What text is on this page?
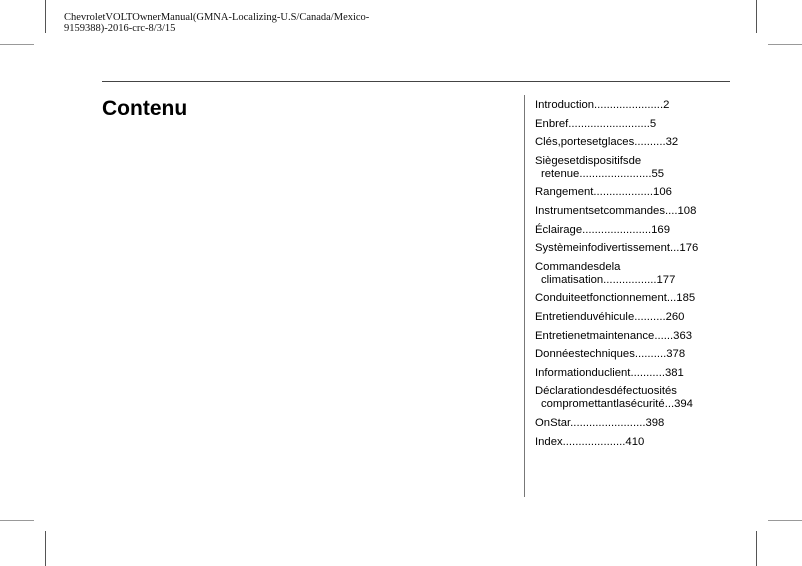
ChevroletVOLTOwnerManual(GMNA-Localizing-U.S/Canada/Mexico-
9159388)-2016-crc-8/3/15
Contenu	Introduction......................2
Enbref..........................5
Clés,portesetglaces..........32
Siègesetdispositifsde
retenue.......................55
Rangement...................106
Instrumentsetcommandes....108
Éclairage......................169
Systèmeinfodivertissement...176
Commandesdela
climatisation.................177
Conduiteetfonctionnement...185
Entretienduvéhicule..........260
Entretienetmaintenance......363
Donnéestechniques..........378
Informationduclient...........381
Déclarationdesdéfectuosités
compromettantlasécurité...394
OnStar........................398
Index....................410
